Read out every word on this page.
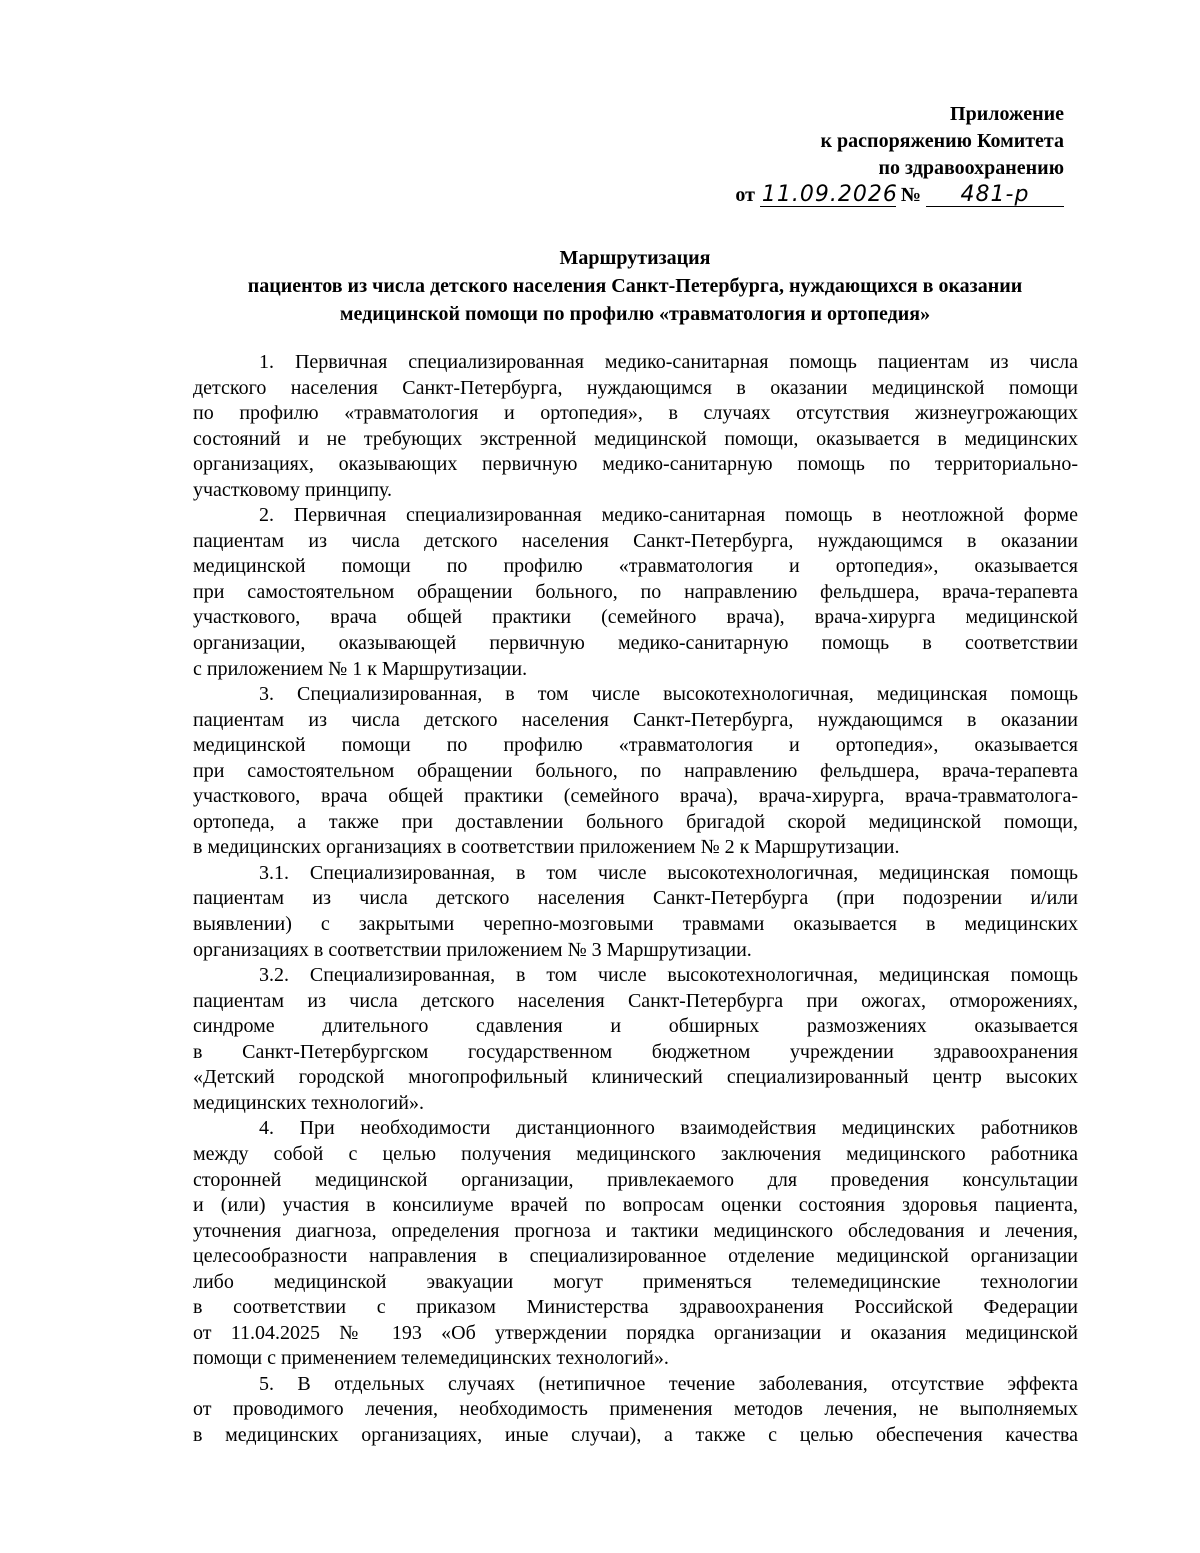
Приложение
к распоряжению Комитета
по здравоохранению
от 11.09.2026 № 481-р
Маршрутизация
пациентов из числа детского населения Санкт-Петербурга, нуждающихся в оказании
медицинской помощи по профилю «травматология и ортопедия»
1. Первичная специализированная медико-санитарная помощь пациентам из числа
детского населения Санкт-Петербурга, нуждающимся в оказании медицинской помощи
по профилю «травматология и ортопедия», в случаях отсутствия жизнеугрожающих
состояний и не требующих экстренной медицинской помощи, оказывается в медицинских
организациях, оказывающих первичную медико-санитарную помощь по территориально-
участковому принципу.
2. Первичная специализированная медико-санитарная помощь в неотложной форме
пациентам из числа детского населения Санкт-Петербурга, нуждающимся в оказании
медицинской помощи по профилю «травматология и ортопедия», оказывается
при самостоятельном обращении больного, по направлению фельдшера, врача-терапевта
участкового, врача общей практики (семейного врача), врача-хирурга медицинской
организации, оказывающей первичную медико-санитарную помощь в соответствии
с приложением № 1 к Маршрутизации.
3. Специализированная, в том числе высокотехнологичная, медицинская помощь
пациентам из числа детского населения Санкт-Петербурга, нуждающимся в оказании
медицинской помощи по профилю «травматология и ортопедия», оказывается
при самостоятельном обращении больного, по направлению фельдшера, врача-терапевта
участкового, врача общей практики (семейного врача), врача-хирурга, врача-травматолога-
ортопеда, а также при доставлении больного бригадой скорой медицинской помощи,
в медицинских организациях в соответствии приложением № 2 к Маршрутизации.
3.1. Специализированная, в том числе высокотехнологичная, медицинская помощь
пациентам из числа детского населения Санкт-Петербурга (при подозрении и/или
выявлении) с закрытыми черепно-мозговыми травмами оказывается в медицинских
организациях в соответствии приложением № 3 Маршрутизации.
3.2. Специализированная, в том числе высокотехнологичная, медицинская помощь
пациентам из числа детского населения Санкт-Петербурга при ожогах, отморожениях,
синдроме длительного сдавления и обширных размозжениях оказывается
в Санкт-Петербургском государственном бюджетном учреждении здравоохранения
«Детский городской многопрофильный клинический специализированный центр высоких
медицинских технологий».
4. При необходимости дистанционного взаимодействия медицинских работников
между собой с целью получения медицинского заключения медицинского работника
сторонней медицинской организации, привлекаемого для проведения консультации
и (или) участия в консилиуме врачей по вопросам оценки состояния здоровья пациента,
уточнения диагноза, определения прогноза и тактики медицинского обследования и лечения,
целесообразности направления в специализированное отделение медицинской организации
либо медицинской эвакуации могут применяться телемедицинские технологии
в соответствии с приказом Министерства здравоохранения Российской Федерации
от 11.04.2025 № 193 «Об утверждении порядка организации и оказания медицинской
помощи с применением телемедицинских технологий».
5. В отдельных случаях (нетипичное течение заболевания, отсутствие эффекта
от проводимого лечения, необходимость применения методов лечения, не выполняемых
в медицинских организациях, иные случаи), а также с целью обеспечения качества
